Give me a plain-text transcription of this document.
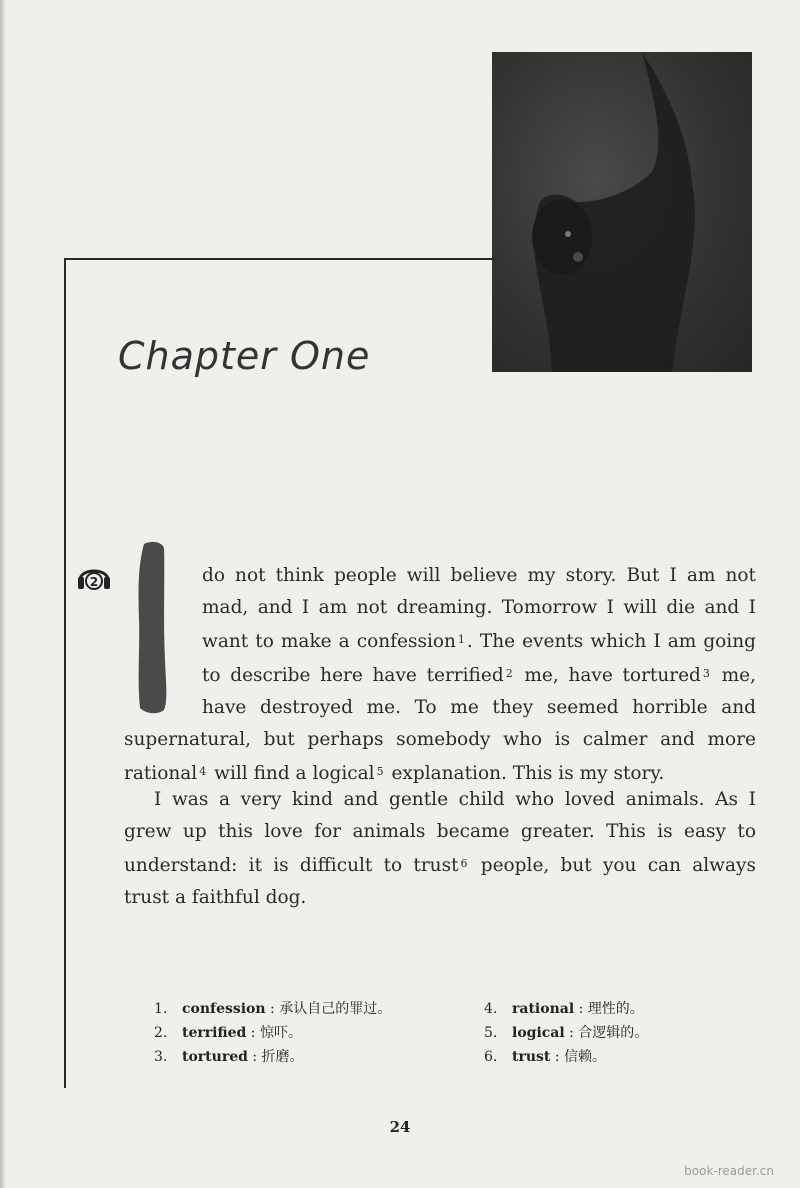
Chapter One
2	do not think people will believe my story. But I am not
mad, and I am not dreaming. Tomorrow I will die and I
want to make a confession $^1$ . The events which I am going
to describe here have terrified $^2$ me, have tortured $^3$ me,
have destroyed me. To me they seemed horrible and
supernatural, but perhaps somebody who is calmer and more
rational $^4$ will find a logical $^5$ explanation. This is my story.
I was a very kind and gentle child who loved animals. As I
grew up this love for animals became greater. This is easy to
understand: it is difficult to trust $^6$ people, but you can always
trust a faithful dog.
1. confession : 承认自己的罪过。
2. terrified : 惊吓。
3. tortured : 折磨。
4. rational : 理性的。
5. logical : 合逻辑的。
6. trust : 信赖。
24
book-reader.cn
